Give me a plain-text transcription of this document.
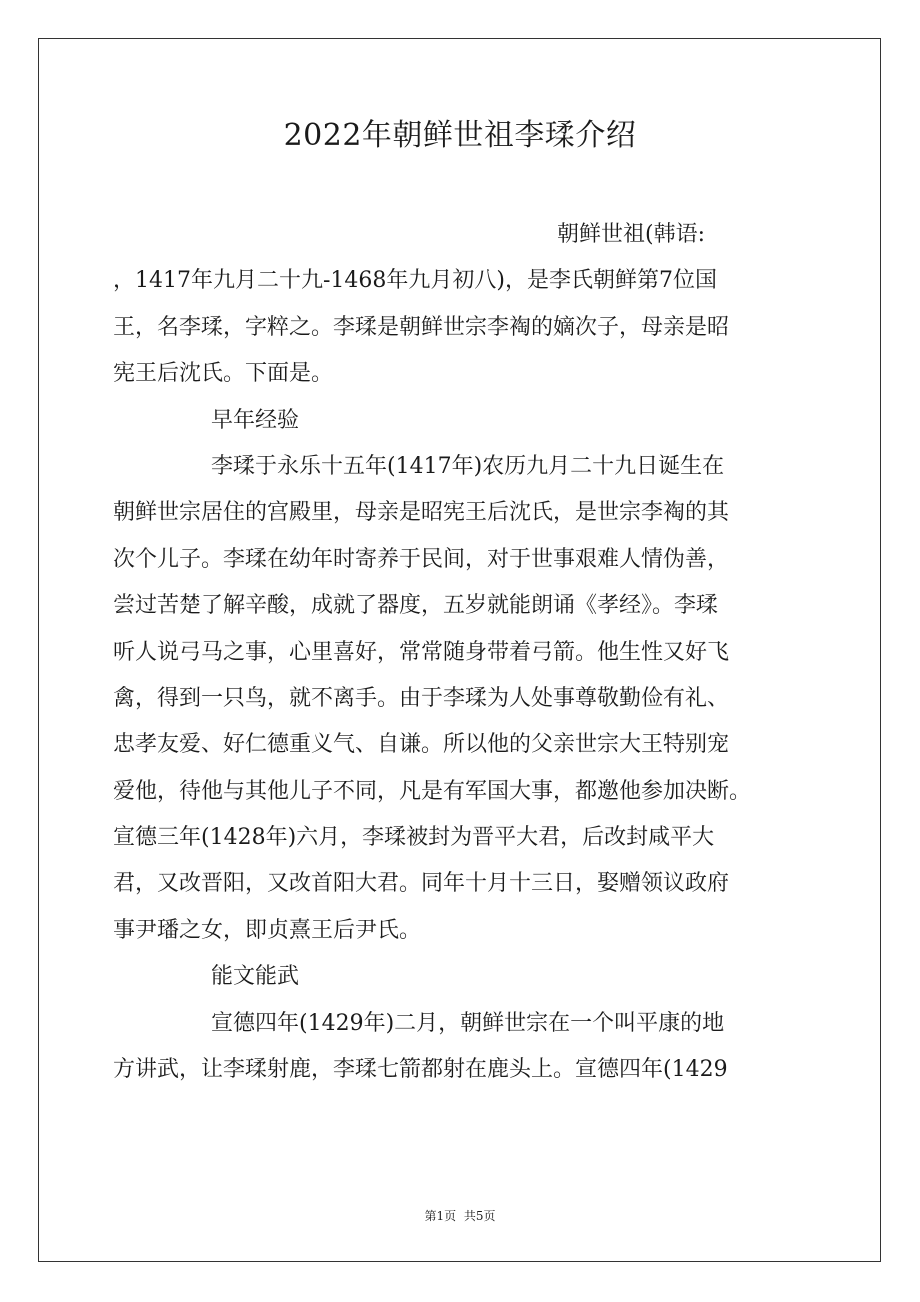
2022年朝鲜世祖李瑈介绍
朝鲜世祖(韩语:
，1417年九月二十九-1468年九月初八)，是李氏朝鲜第7位国
王，名李瑈，字粹之。李瑈是朝鲜世宗李裪的嫡次子，母亲是昭
宪王后沈氏。下面是。
早年经验
李瑈于永乐十五年(1417年)农历九月二十九日诞生在
朝鲜世宗居住的宫殿里，母亲是昭宪王后沈氏，是世宗李裪的其
次个儿子。李瑈在幼年时寄养于民间，对于世事艰难人情伪善，
尝过苦楚了解辛酸，成就了器度，五岁就能朗诵《孝经》。李瑈
听人说弓马之事，心里喜好，常常随身带着弓箭。他生性又好飞
禽，得到一只鸟，就不离手。由于李瑈为人处事尊敬勤俭有礼、
忠孝友爱、好仁德重义气、自谦。所以他的父亲世宗大王特别宠
爱他，待他与其他儿子不同，凡是有军国大事，都邀他参加决断。
宣德三年(1428年)六月，李瑈被封为晋平大君，后改封咸平大
君，又改晋阳，又改首阳大君。同年十月十三日，娶赠领议政府
事尹璠之女，即贞熹王后尹氏。
能文能武
宣德四年(1429年)二月，朝鲜世宗在一个叫平康的地
方讲武，让李瑈射鹿，李瑈七箭都射在鹿头上。宣德四年(1429
第1页 共5页
